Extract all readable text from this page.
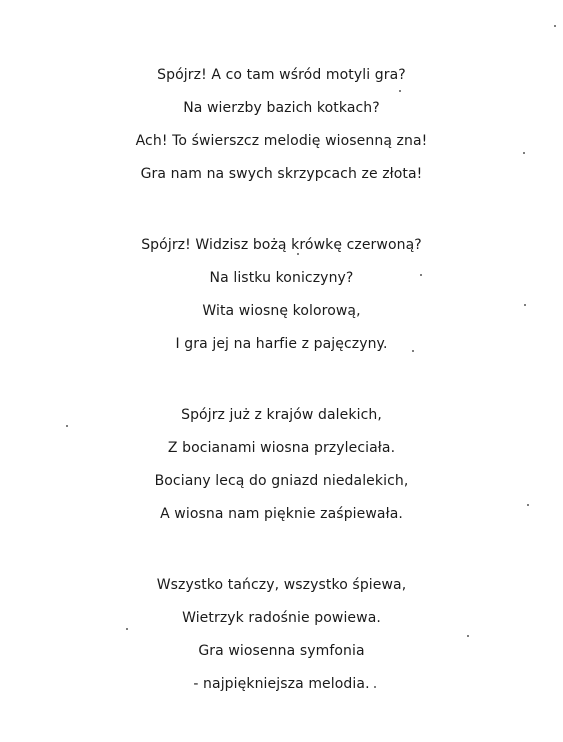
Spójrz! A co tam wśród motyli gra?
Na wierzby bazich kotkach?
Ach! To świerszcz melodię wiosenną zna!
Gra nam na swych skrzypcach ze złota!
Spójrz! Widzisz bożą krówkę czerwoną?
Na listku koniczyny?
Wita wiosnę kolorową,
I gra jej na harfie z pajęczyny.
Spójrz już z krajów dalekich,
Z bocianami wiosna przyleciała.
Bociany lecą do gniazd niedalekich,
A wiosna nam pięknie zaśpiewała.
Wszystko tańczy, wszystko śpiewa,
Wietrzyk radośnie powiewa.
Gra wiosenna symfonia
- najpiękniejsza melodia.
